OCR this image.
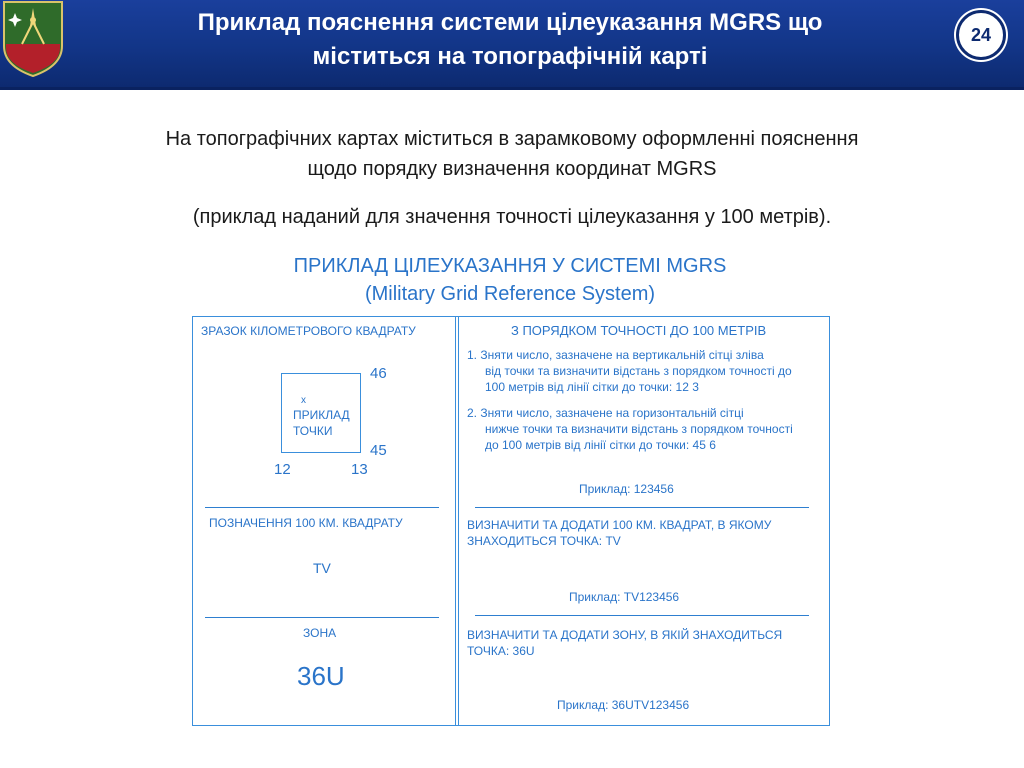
Приклад пояснення системи цілеуказання MGRS що
міститься на топографічній карті
24
На топографічних картах міститься в зарамковому оформленні пояснення
щодо порядку визначення координат MGRS
(приклад наданий для значення точності цілеуказання у 100 метрів).
ПРИКЛАД ЦІЛЕУКАЗАННЯ У СИСТЕМІ MGRS
(Military Grid Reference System)
ЗРАЗОК КІЛОМЕТРОВОГО КВАДРАТУ
46
45
12	13
x
ПРИКЛАД
ТОЧКИ
ПОЗНАЧЕННЯ 100 КМ. КВАДРАТУ
TV
ЗОНА
36U
З ПОРЯДКОМ ТОЧНОСТІ ДО 100 МЕТРІВ
1. Зняти число, зазначене на вертикальній сітці зліва
від точки та визначити відстань з порядком точності до
100 метрів від лінії сітки до точки: 12 3
2. Зняти число, зазначене на горизонтальній сітці
нижче точки та визначити відстань з порядком точності
до 100 метрів від лінії сітки до точки: 45 6
Приклад: 123456
ВИЗНАЧИТИ ТА ДОДАТИ 100 КМ. КВАДРАТ, В ЯКОМУ
ЗНАХОДИТЬСЯ ТОЧКА: TV
Приклад: TV123456
ВИЗНАЧИТИ ТА ДОДАТИ ЗОНУ, В ЯКІЙ ЗНАХОДИТЬСЯ
ТОЧКА: 36U
Приклад: 36UTV123456
